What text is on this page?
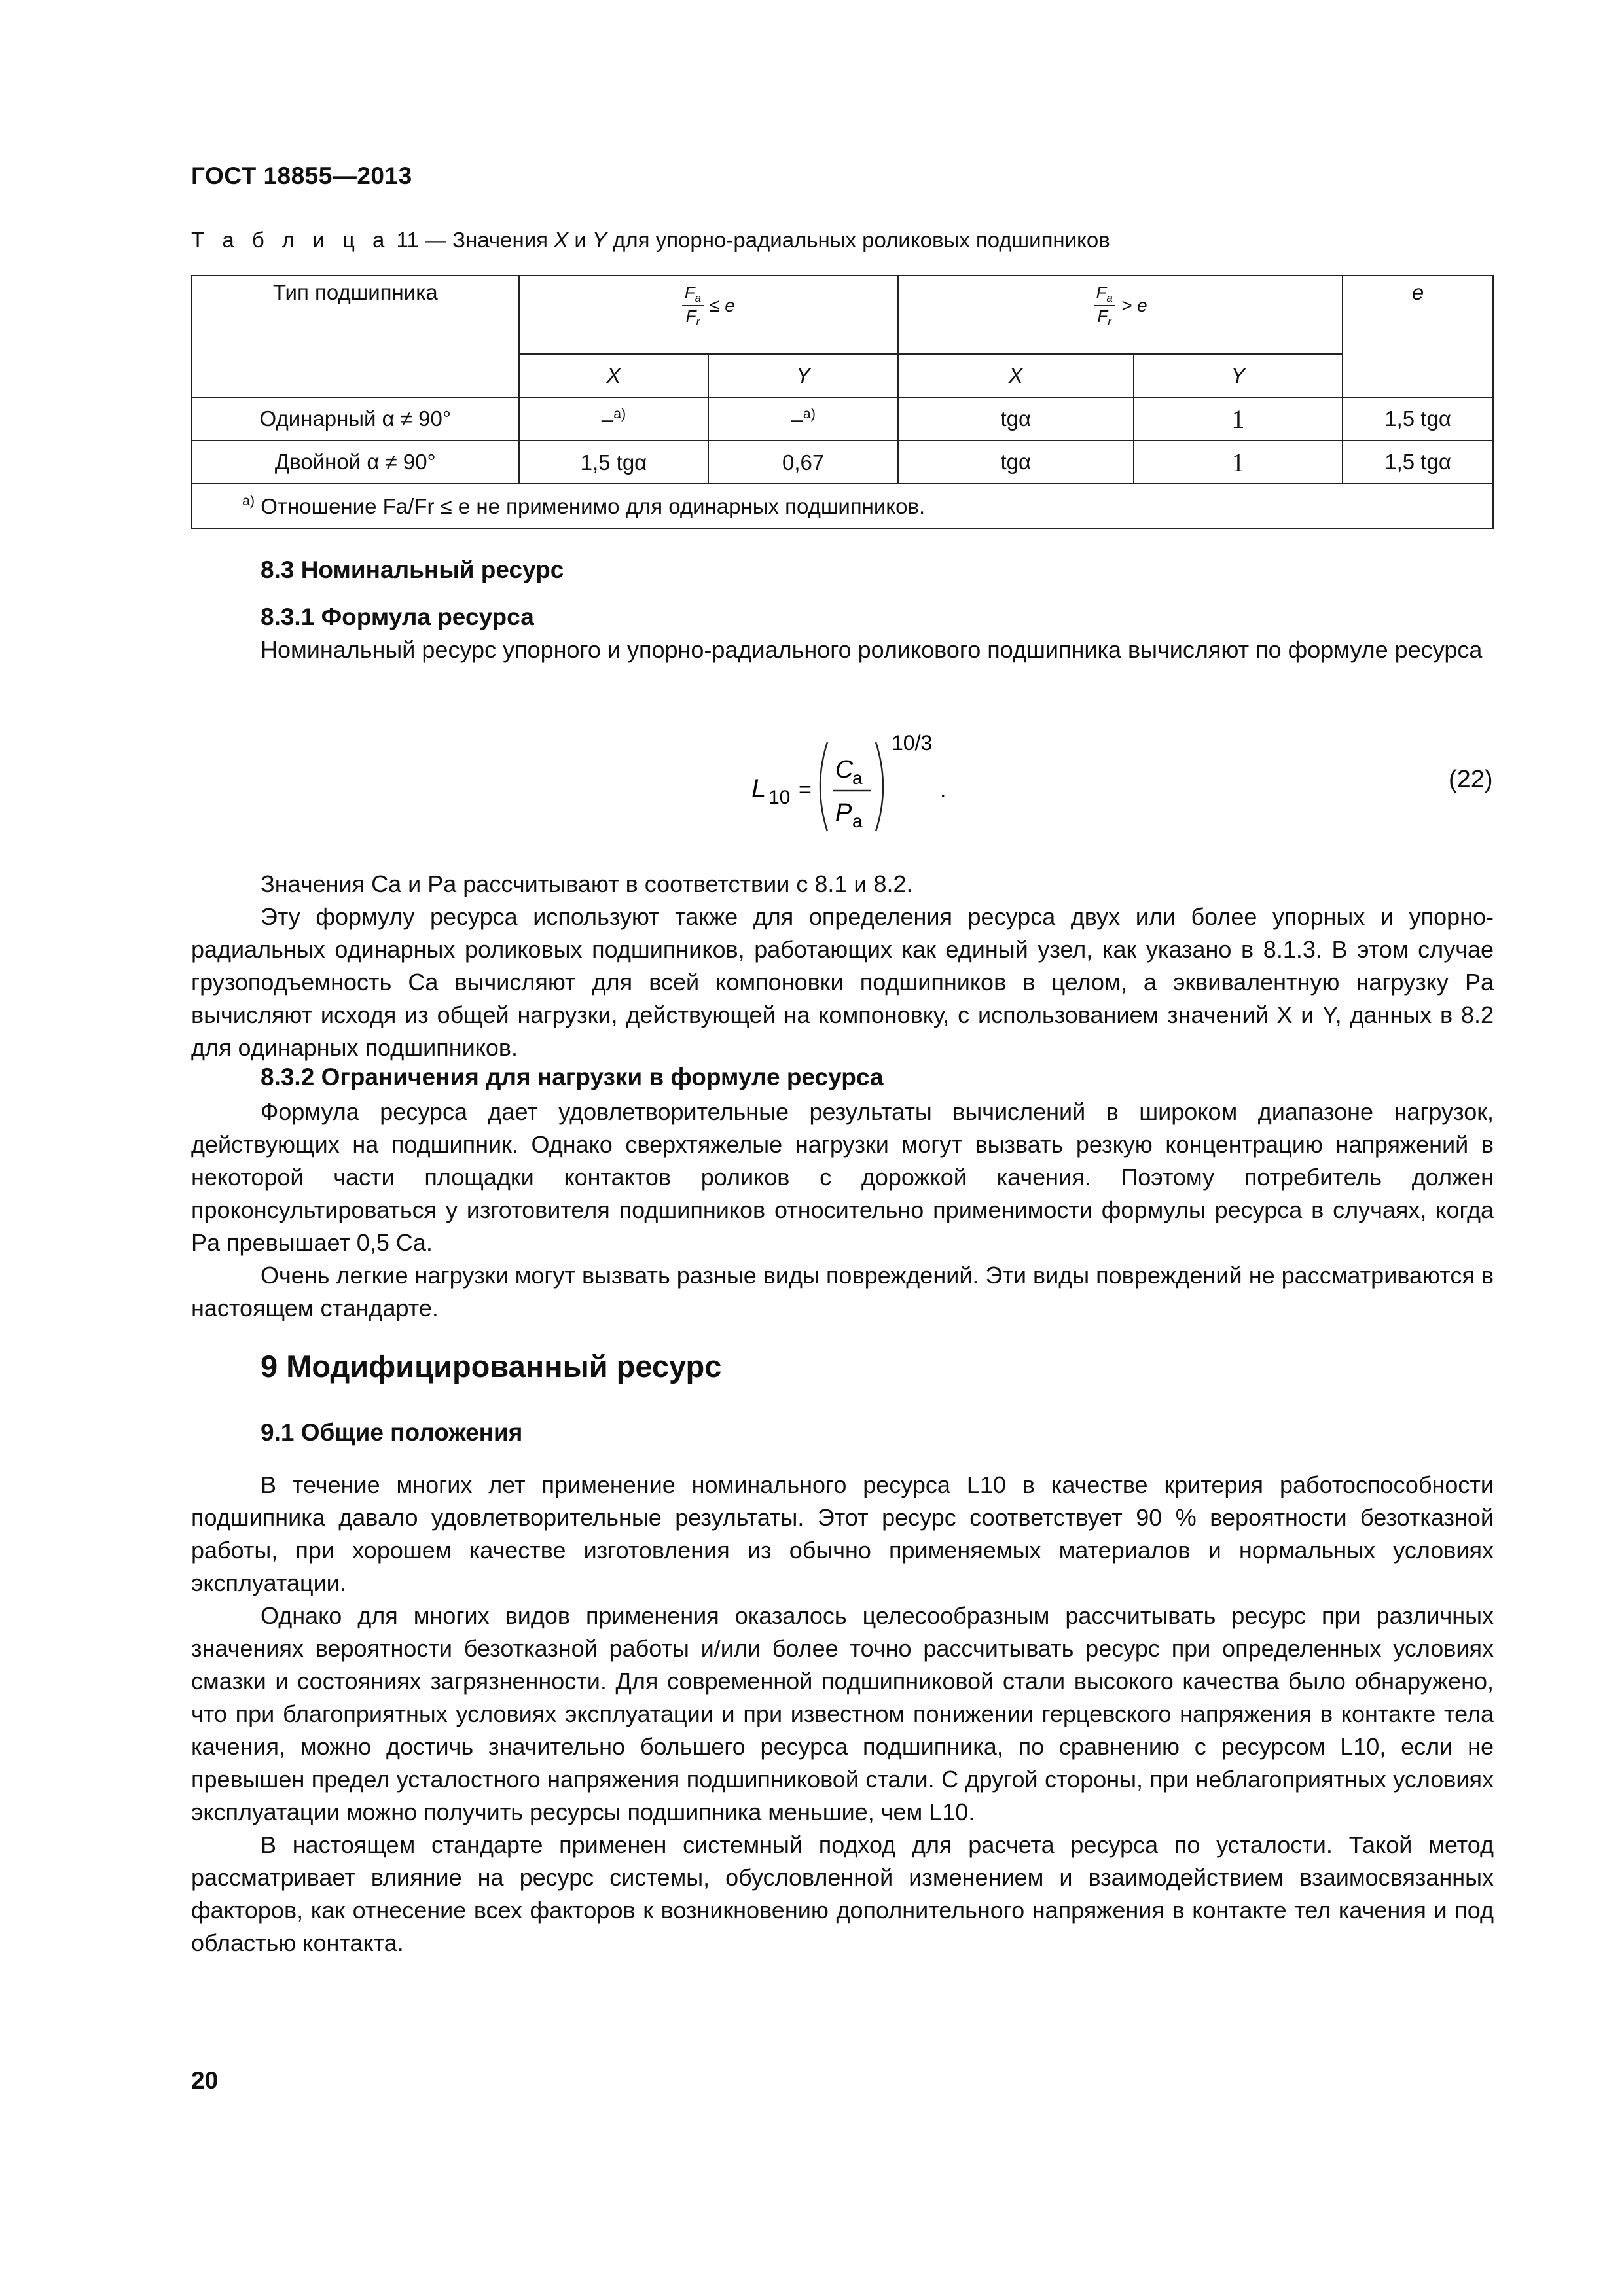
ГОСТ 18855—2013
Т а б л и ц а 11 — Значения X и Y для упорно-радиальных роликовых подшипников
Тип подшипника	$\frac{F_a}{F_r} \le e$		$\frac{F_a}{F_r} > e$		e
	X	Y	X	Y	
Одинарный α ≠ 90°	–$^{а)}$	–$^{а)}$	tgα	1	1,5 tgα
Двойной α ≠ 90°	1,5 tgα	0,67	tgα	1	1,5 tgα
$^{а)}$ Отношение Fa/Fr ≤ e не применимо для одинарных подшипников.					
8.3 Номинальный ресурс
8.3.1 Формула ресурса

Номинальный ресурс упорного и упорно-радиального роликового подшипника вычисляют по формуле ресурса

L 10 =
C
a
P a
10/3
.	(22)

Значения Ca и Pa рассчитывают в соответствии с 8.1 и 8.2.

Эту формулу ресурса используют также для определения ресурса двух или более упорных и упорно-радиальных одинарных роликовых подшипников, работающих как единый узел, как указано в 8.1.3. В этом случае грузоподъемность Ca вычисляют для всей компоновки подшипников в целом, а эквивалентную нагрузку Pa вычисляют исходя из общей нагрузки, действующей на компоновку, с использованием значений X и Y, данных в 8.2 для одинарных подшипников.

8.3.2 Ограничения для нагрузки в формуле ресурса

Формула ресурса дает удовлетворительные результаты вычислений в широком диапазоне нагрузок, действующих на подшипник. Однако сверхтяжелые нагрузки могут вызвать резкую концентрацию напряжений в некоторой части площадки контактов роликов с дорожкой качения. Поэтому потребитель должен проконсультироваться у изготовителя подшипников относительно применимости формулы ресурса в случаях, когда Pa превышает 0,5 Ca.

Очень легкие нагрузки могут вызвать разные виды повреждений. Эти виды повреждений не рассматриваются в настоящем стандарте.

9 Модифицированный ресурс
9.1 Общие положения

В течение многих лет применение номинального ресурса L10 в качестве критерия работоспособности подшипника давало удовлетворительные результаты. Этот ресурс соответствует 90 % вероятности безотказной работы, при хорошем качестве изготовления из обычно применяемых материалов и нормальных условиях эксплуатации.

Однако для многих видов применения оказалось целесообразным рассчитывать ресурс при различных значениях вероятности безотказной работы и/или более точно рассчитывать ресурс при определенных условиях смазки и состояниях загрязненности. Для современной подшипниковой стали высокого качества было обнаружено, что при благоприятных условиях эксплуатации и при известном понижении герцевского напряжения в контакте тела качения, можно достичь значительно большего ресурса подшипника, по сравнению с ресурсом L10, если не превышен предел усталостного напряжения подшипниковой стали. С другой стороны, при неблагоприятных условиях эксплуатации можно получить ресурсы подшипника меньшие, чем L10.

В настоящем стандарте применен системный подход для расчета ресурса по усталости. Такой метод рассматривает влияние на ресурс системы, обусловленной изменением и взаимодействием взаимосвязанных факторов, как отнесение всех факторов к возникновению дополнительного напряжения в контакте тел качения и под областью контакта.

20
